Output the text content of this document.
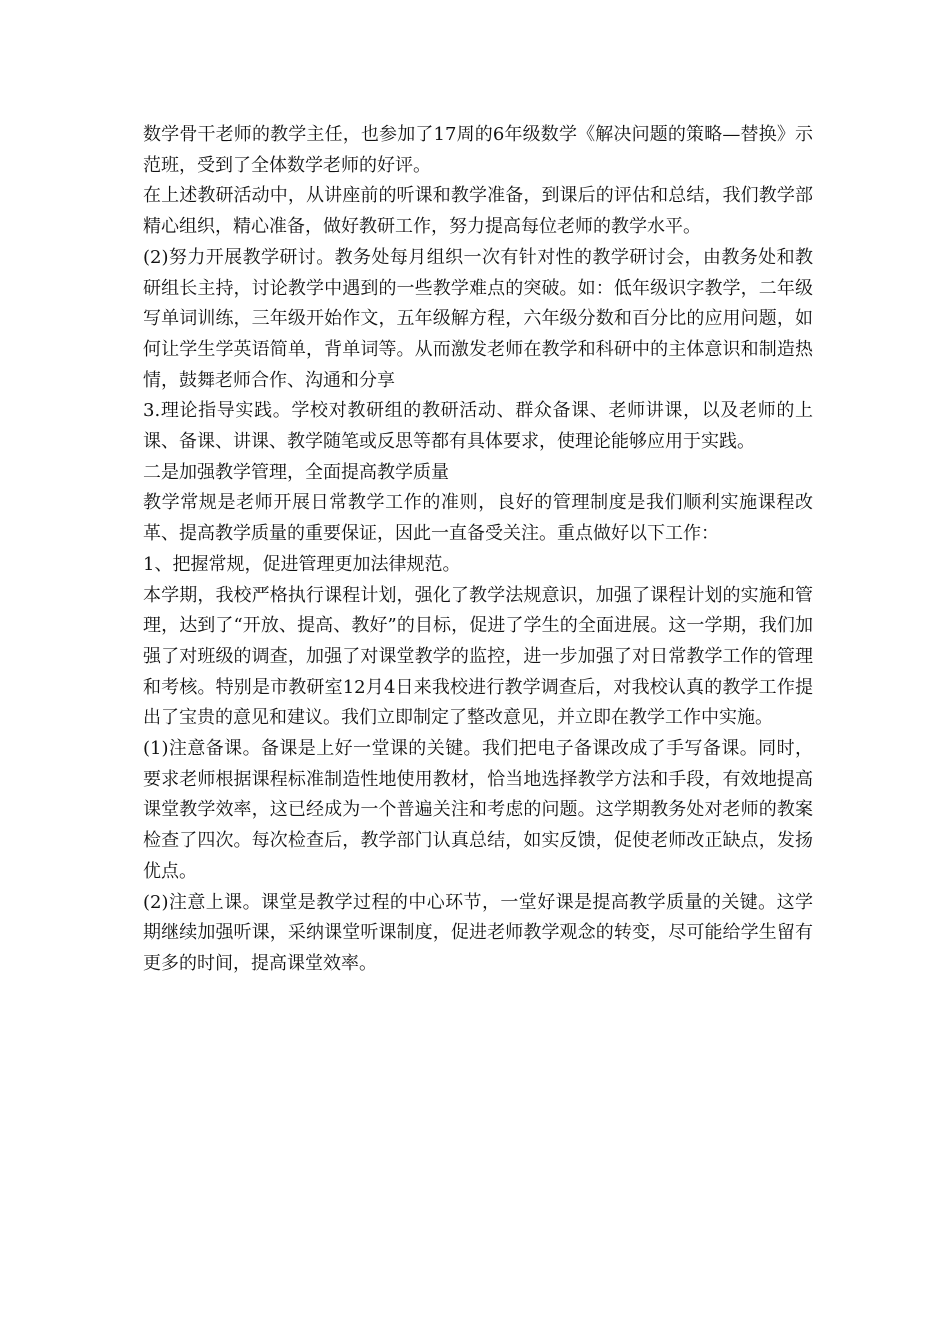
数学骨干老师的教学主任，也参加了17周的6年级数学《解决问题的策略—替换》示范班，受到了全体数学老师的好评。

在上述教研活动中，从讲座前的听课和教学准备，到课后的评估和总结，我们教学部精心组织，精心准备，做好教研工作，努力提高每位老师的教学水平。

(2)努力开展教学研讨。教务处每月组织一次有针对性的教学研讨会，由教务处和教研组长主持，讨论教学中遇到的一些教学难点的突破。如：低年级识字教学，二年级写单词训练，三年级开始作文，五年级解方程，六年级分数和百分比的应用问题，如何让学生学英语简单，背单词等。从而激发老师在教学和科研中的主体意识和制造热情，鼓舞老师合作、沟通和分享

3.理论指导实践。学校对教研组的教研活动、群众备课、老师讲课，以及老师的上课、备课、讲课、教学随笔或反思等都有具体要求，使理论能够应用于实践。

二是加强教学管理，全面提高教学质量

教学常规是老师开展日常教学工作的准则，良好的管理制度是我们顺利实施课程改革、提高教学质量的重要保证，因此一直备受关注。重点做好以下工作：

1、把握常规，促进管理更加法律规范。

本学期，我校严格执行课程计划，强化了教学法规意识，加强了课程计划的实施和管理，达到了“开放、提高、教好”的目标，促进了学生的全面进展。这一学期，我们加强了对班级的调查，加强了对课堂教学的监控，进一步加强了对日常教学工作的管理和考核。特别是市教研室12月4日来我校进行教学调查后，对我校认真的教学工作提出了宝贵的意见和建议。我们立即制定了整改意见，并立即在教学工作中实施。

(1)注意备课。备课是上好一堂课的关键。我们把电子备课改成了手写备课。同时，要求老师根据课程标准制造性地使用教材，恰当地选择教学方法和手段，有效地提高课堂教学效率，这已经成为一个普遍关注和考虑的问题。这学期教务处对老师的教案检查了四次。每次检查后，教学部门认真总结，如实反馈，促使老师改正缺点，发扬优点。

(2)注意上课。课堂是教学过程的中心环节，一堂好课是提高教学质量的关键。这学期继续加强听课，采纳课堂听课制度，促进老师教学观念的转变，尽可能给学生留有更多的时间，提高课堂效率。
